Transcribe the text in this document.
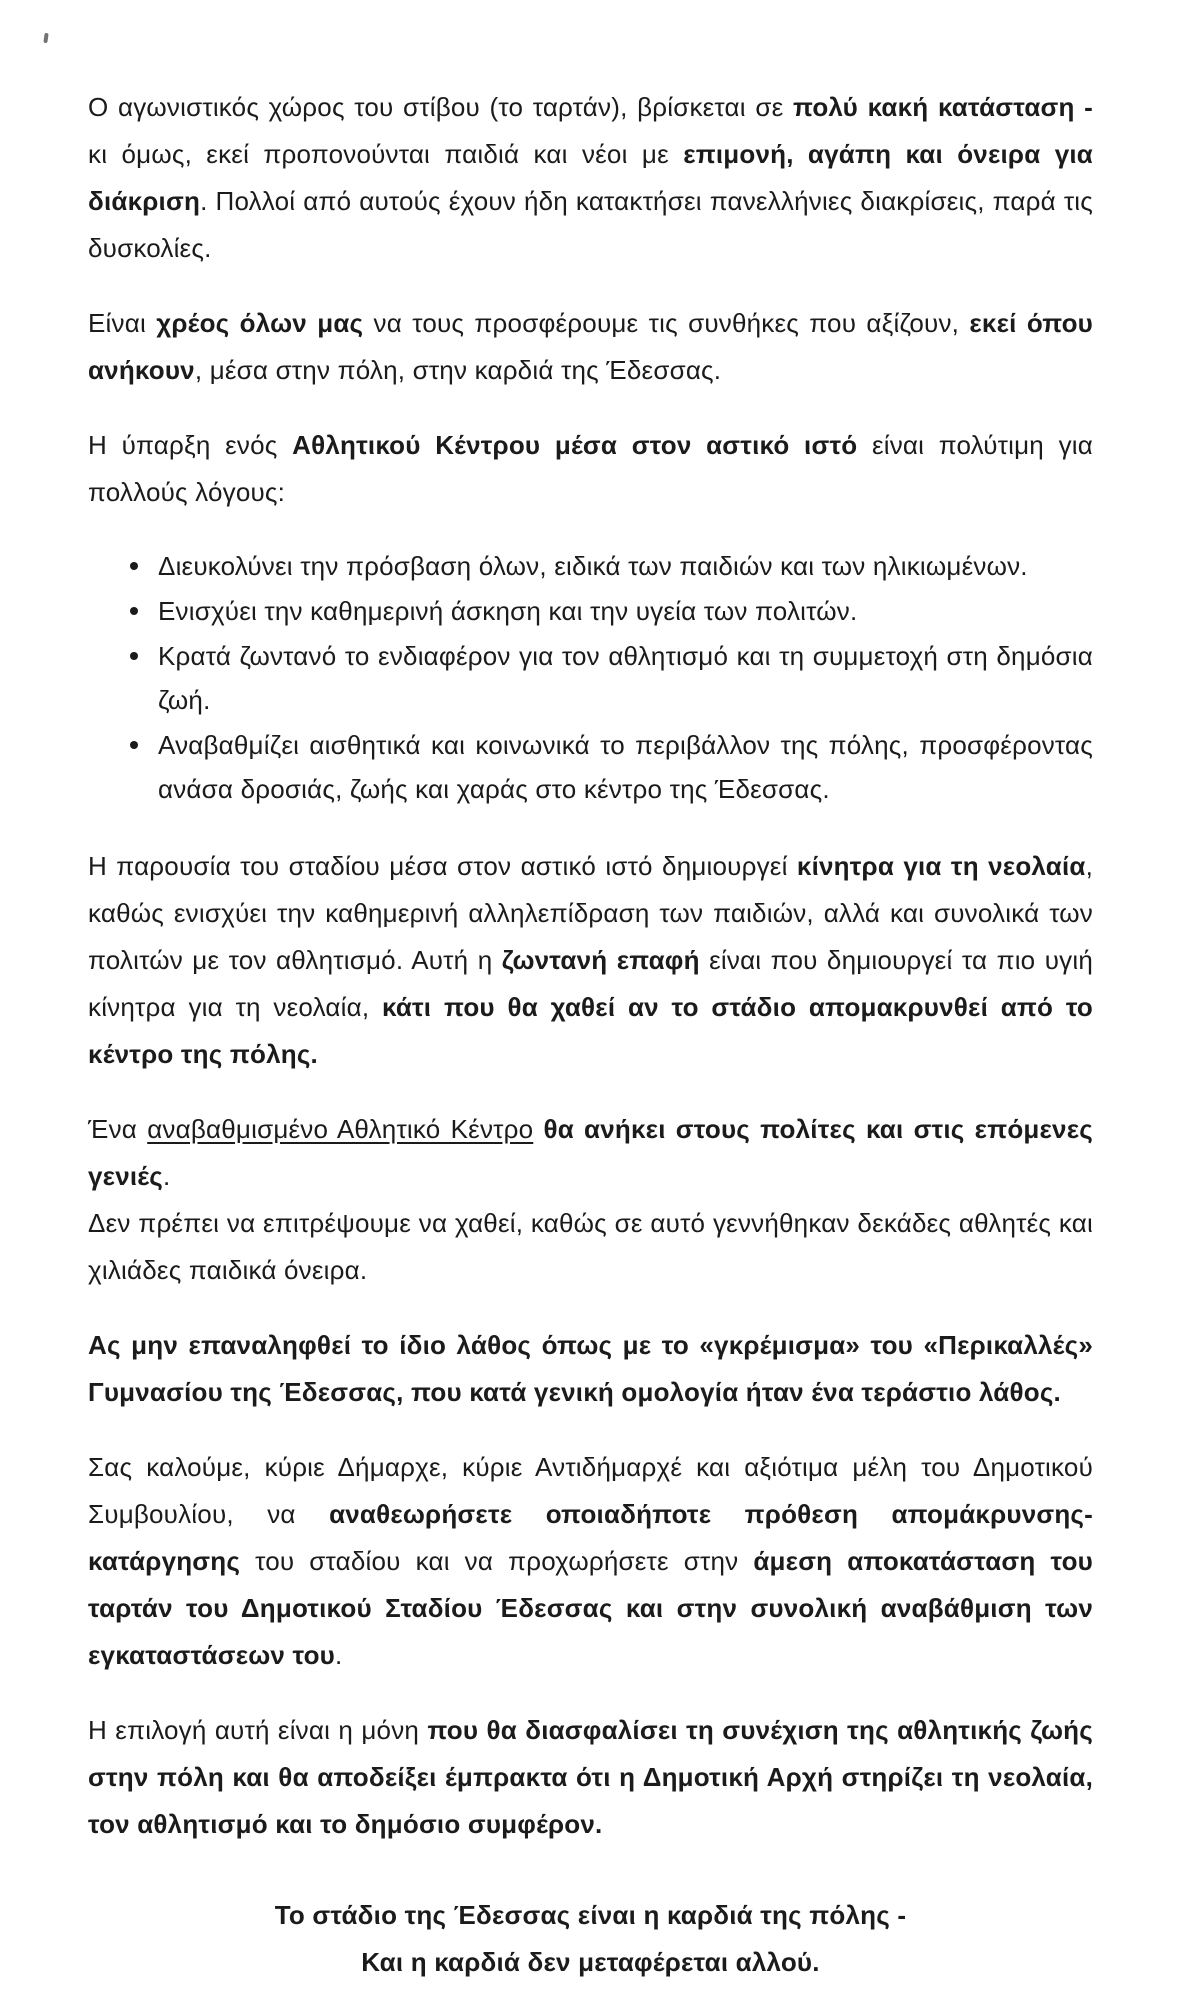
Ο αγωνιστικός χώρος του στίβου (το ταρτάν), βρίσκεται σε πολύ κακή κατάσταση - κι όμως, εκεί προπονούνται παιδιά και νέοι με επιμονή, αγάπη και όνειρα για διάκριση. Πολλοί από αυτούς έχουν ήδη κατακτήσει πανελλήνιες διακρίσεις, παρά τις δυσκολίες.

Είναι χρέος όλων μας να τους προσφέρουμε τις συνθήκες που αξίζουν, εκεί όπου ανήκουν, μέσα στην πόλη, στην καρδιά της Έδεσσας.

Η ύπαρξη ενός Αθλητικού Κέντρου μέσα στον αστικό ιστό είναι πολύτιμη για πολλούς λόγους:

Διευκολύνει την πρόσβαση όλων, ειδικά των παιδιών και των ηλικιωμένων.
Ενισχύει την καθημερινή άσκηση και την υγεία των πολιτών.
Κρατά ζωντανό το ενδιαφέρον για τον αθλητισμό και τη συμμετοχή στη δημόσια ζωή.
Αναβαθμίζει αισθητικά και κοινωνικά το περιβάλλον της πόλης, προσφέροντας ανάσα δροσιάς, ζωής και χαράς στο κέντρο της Έδεσσας.

Η παρουσία του σταδίου μέσα στον αστικό ιστό δημιουργεί κίνητρα για τη νεολαία, καθώς ενισχύει την καθημερινή αλληλεπίδραση των παιδιών, αλλά και συνολικά των πολιτών με τον αθλητισμό. Αυτή η ζωντανή επαφή είναι που δημιουργεί τα πιο υγιή κίνητρα για τη νεολαία, κάτι που θα χαθεί αν το στάδιο απομακρυνθεί από το κέντρο της πόλης.

Ένα αναβαθμισμένο Αθλητικό Κέντρο θα ανήκει στους πολίτες και στις επόμενες γενιές.
Δεν πρέπει να επιτρέψουμε να χαθεί, καθώς σε αυτό γεννήθηκαν δεκάδες αθλητές και χιλιάδες παιδικά όνειρα.

Ας μην επαναληφθεί το ίδιο λάθος όπως με το «γκρέμισμα» του «Περικαλλές» Γυμνασίου της Έδεσσας, που κατά γενική ομολογία ήταν ένα τεράστιο λάθος.

Σας καλούμε, κύριε Δήμαρχε, κύριε Αντιδήμαρχέ και αξιότιμα μέλη του Δημοτικού Συμβουλίου, να αναθεωρήσετε οποιαδήποτε πρόθεση απομάκρυνσης-κατάργησης του σταδίου και να προχωρήσετε στην άμεση αποκατάσταση του ταρτάν του Δημοτικού Σταδίου Έδεσσας και στην συνολική αναβάθμιση των εγκαταστάσεων του.

Η επιλογή αυτή είναι η μόνη που θα διασφαλίσει τη συνέχιση της αθλητικής ζωής στην πόλη και θα αποδείξει έμπρακτα ότι η Δημοτική Αρχή στηρίζει τη νεολαία, τον αθλητισμό και το δημόσιο συμφέρον.

Το στάδιο της Έδεσσας είναι η καρδιά της πόλης -
Και η καρδιά δεν μεταφέρεται αλλού.
